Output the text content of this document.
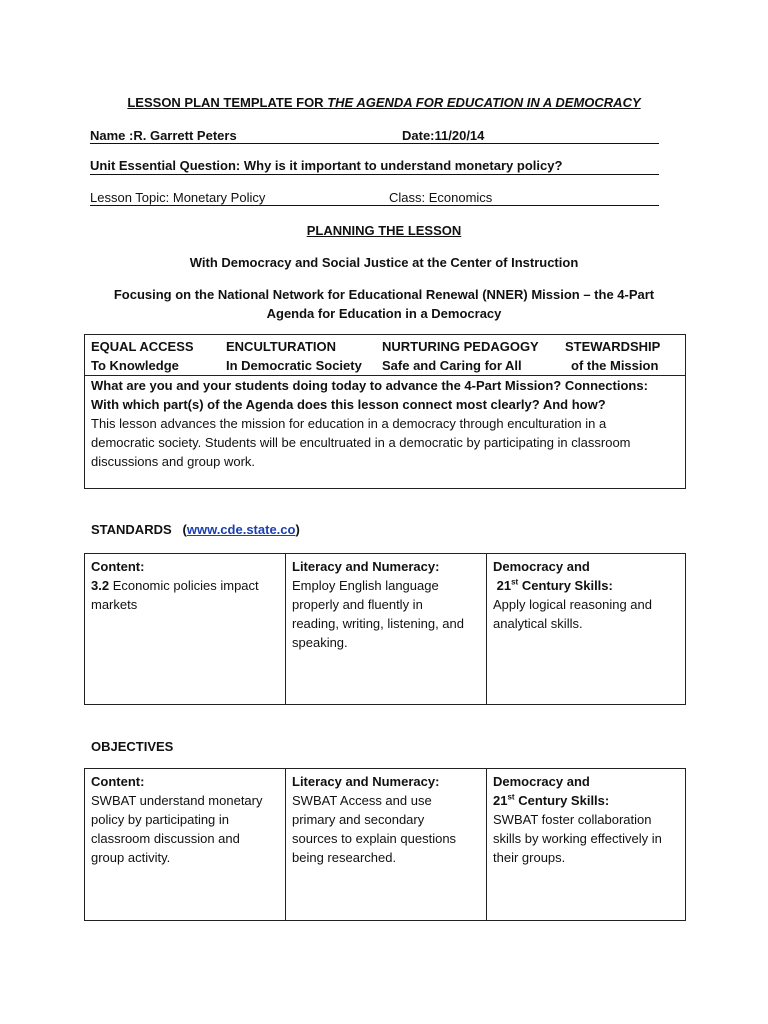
LESSON PLAN TEMPLATE FOR THE AGENDA FOR EDUCATION IN A DEMOCRACY
Name :R. Garrett Peters	Date:11/20/14
Unit Essential Question: Why is it important to understand monetary policy?
Lesson Topic: Monetary Policy	Class: Economics
PLANNING THE LESSON
With Democracy and Social Justice at the Center of Instruction
Focusing on the National Network for Educational Renewal (NNER) Mission – the 4-Part
Agenda for Education in a Democracy
EQUAL ACCESS
To Knowledge
ENCULTURATION
In Democratic Society
NURTURING PEDAGOGY
Safe and Caring for All
STEWARDSHIP
of the Mission
What are you and your students doing today to advance the 4-Part Mission? Connections:
With which part(s) of the Agenda does this lesson connect most clearly? And how?
This lesson advances the mission for education in a democracy through enculturation in a
democratic society. Students will be encultruated in a democratic by participating in classroom
discussions and group work.
STANDARDS (www.cde.state.co)
Content:
3.2 Economic policies impact
markets
Literacy and Numeracy:
Employ English language
properly and fluently in
reading, writing, listening, and
speaking.
Democracy and
21st Century Skills:
Apply logical reasoning and
analytical skills.
OBJECTIVES
Content:
SWBAT understand monetary
policy by participating in
classroom discussion and
group activity.
Literacy and Numeracy:
SWBAT Access and use
primary and secondary
sources to explain questions
being researched.
Democracy and
21st Century Skills:
SWBAT foster collaboration
skills by working effectively in
their groups.
